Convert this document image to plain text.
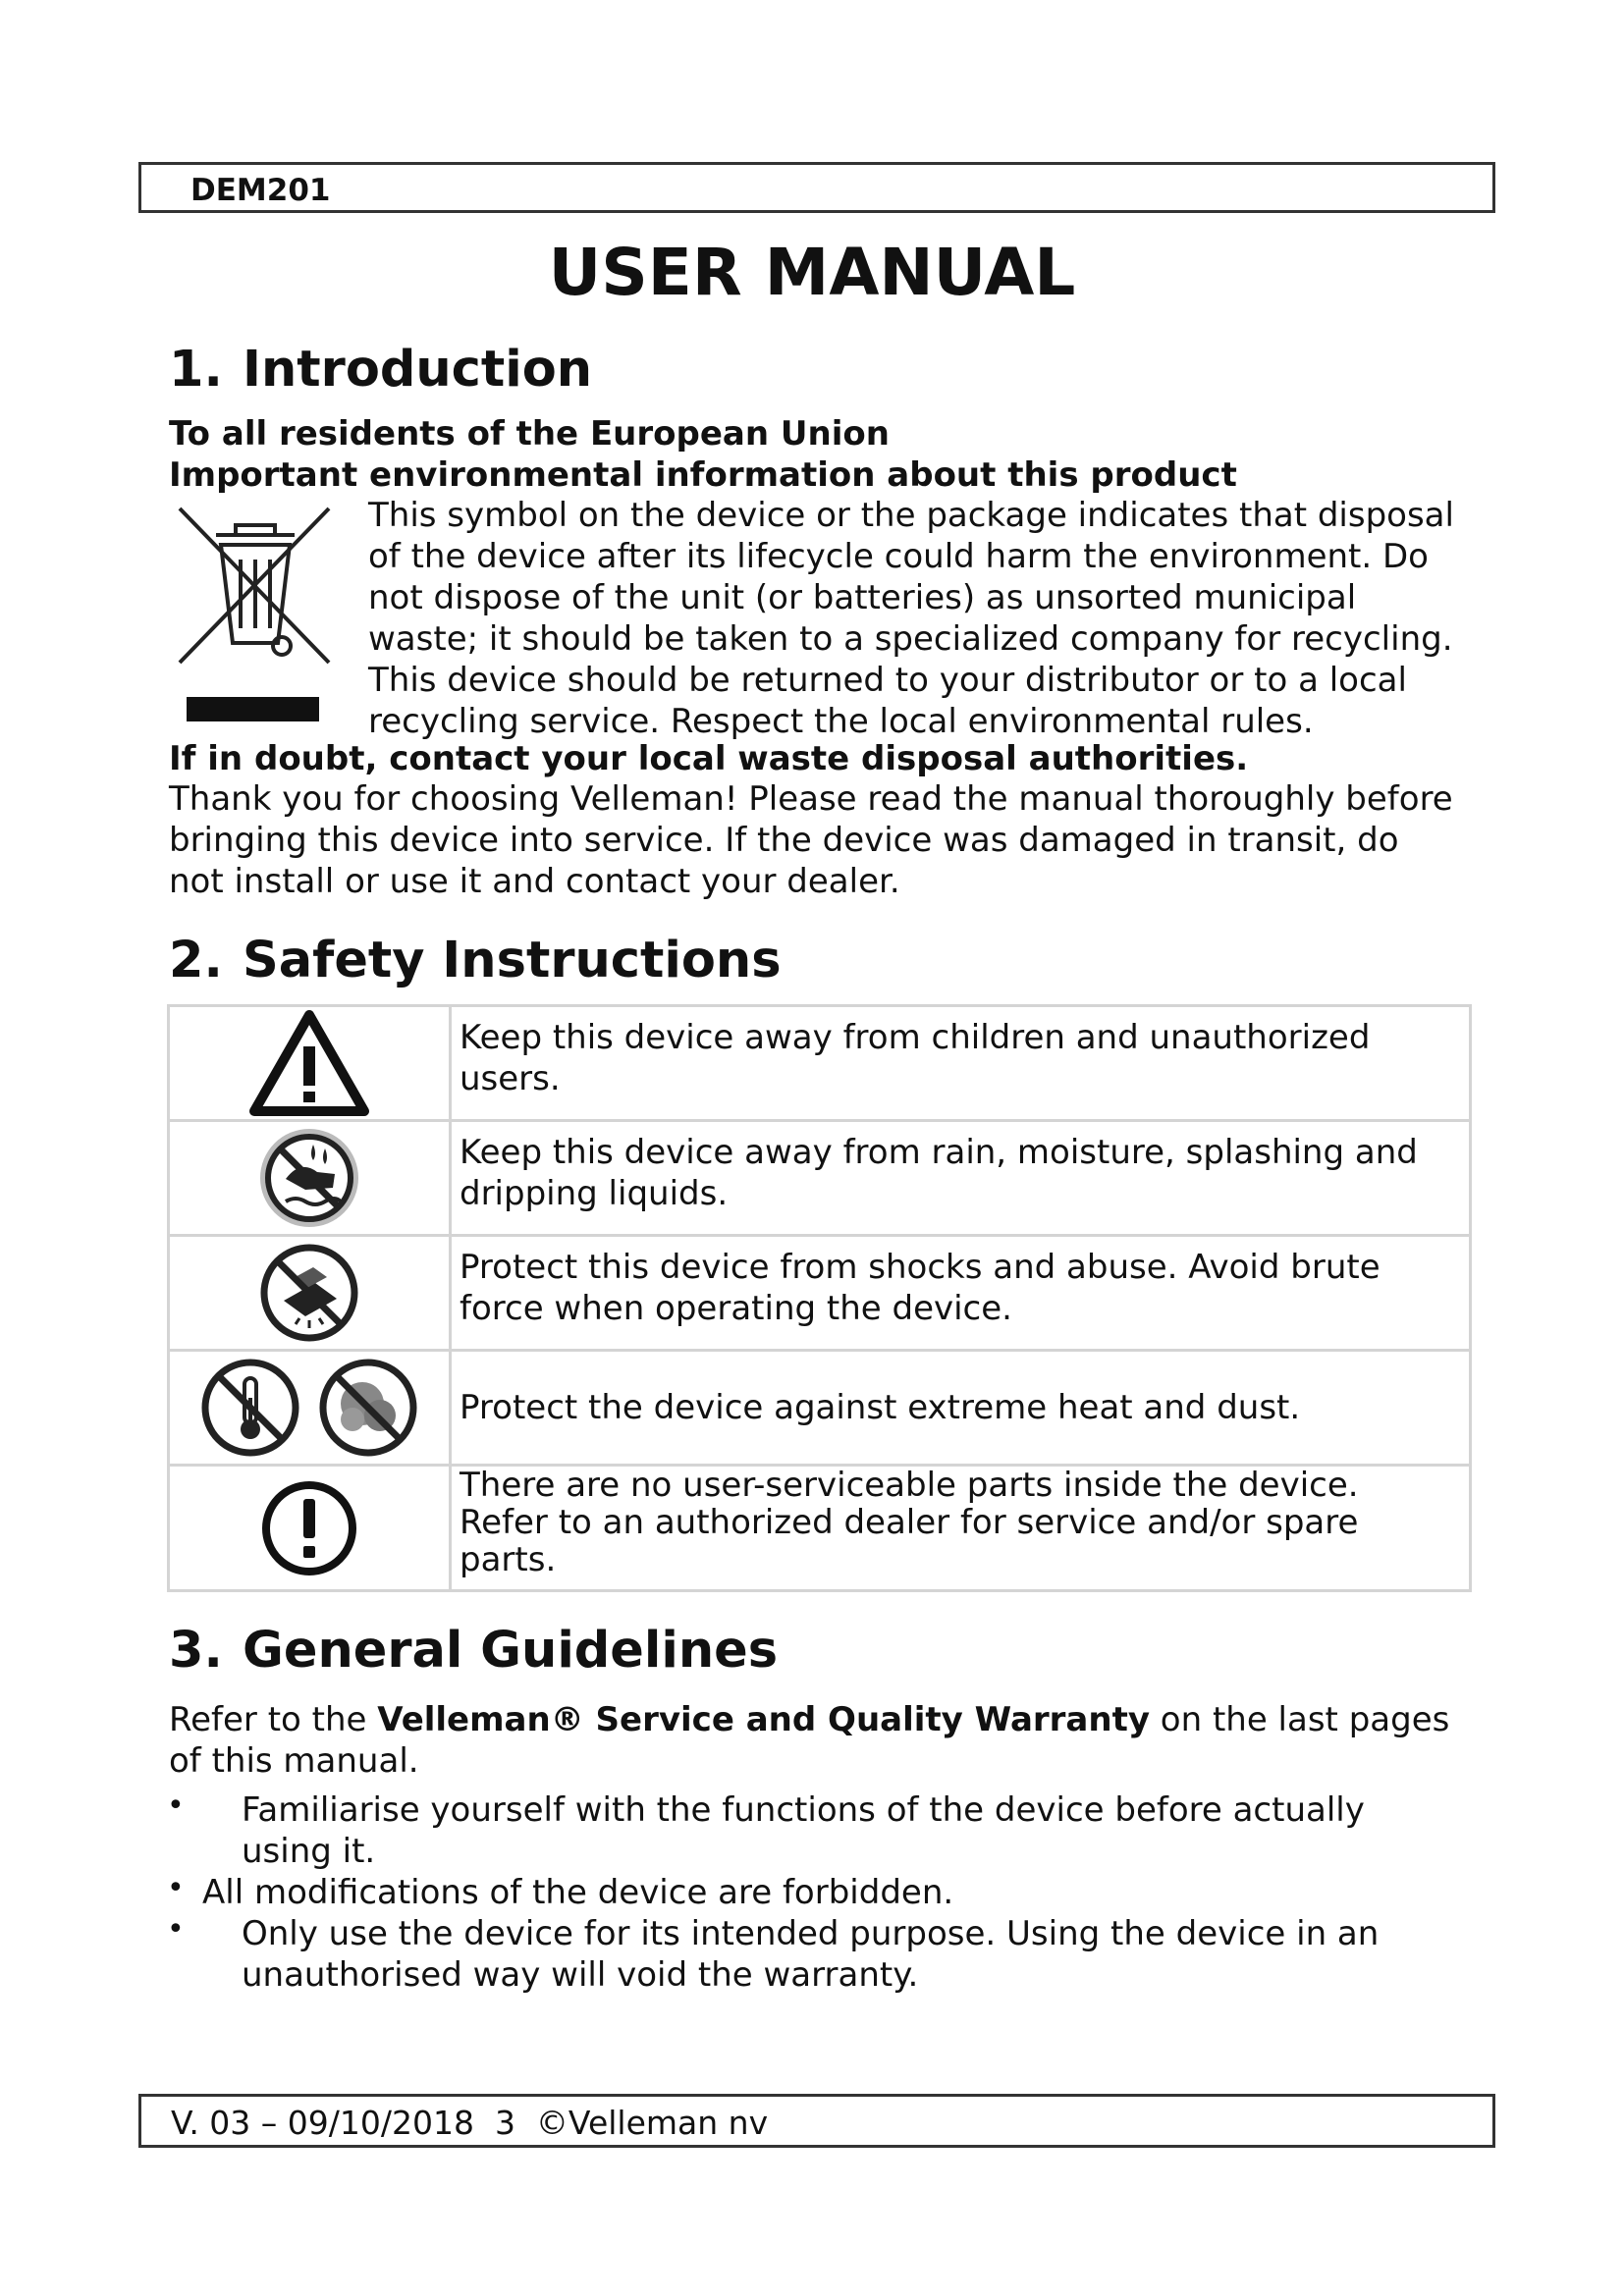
DEM201
USER MANUAL
1. Introduction
To all residents of the European Union
Important environmental information about this product
This symbol on the device or the package indicates that disposal
of the device after its lifecycle could harm the environment. Do
not dispose of the unit (or batteries) as unsorted municipal
waste; it should be taken to a specialized company for recycling.
This device should be returned to your distributor or to a local
recycling service. Respect the local environmental rules.
If in doubt, contact your local waste disposal authorities.
Thank you for choosing Velleman! Please read the manual thoroughly before
bringing this device into service. If the device was damaged in transit, do
not install or use it and contact your dealer.
2. Safety Instructions

Keep this device away from children and unauthorized
users.

Keep this device away from rain, moisture, splashing and
dripping liquids.

Protect this device from shocks and abuse. Avoid brute
force when operating the device.

Protect the device against extreme heat and dust.

There are no user-serviceable parts inside the device.
Refer to an authorized dealer for service and/or spare
parts.
3. General Guidelines
Refer to the Velleman® Service and Quality Warranty on the last pages
of this manual.
• Familiarise yourself with the functions of the device before actually
using it.
• All modifications of the device are forbidden.
• Only use the device for its intended purpose. Using the device in an
unauthorised way will void the warranty.
V. 03 – 09/10/2018  3  ©Velleman nv
